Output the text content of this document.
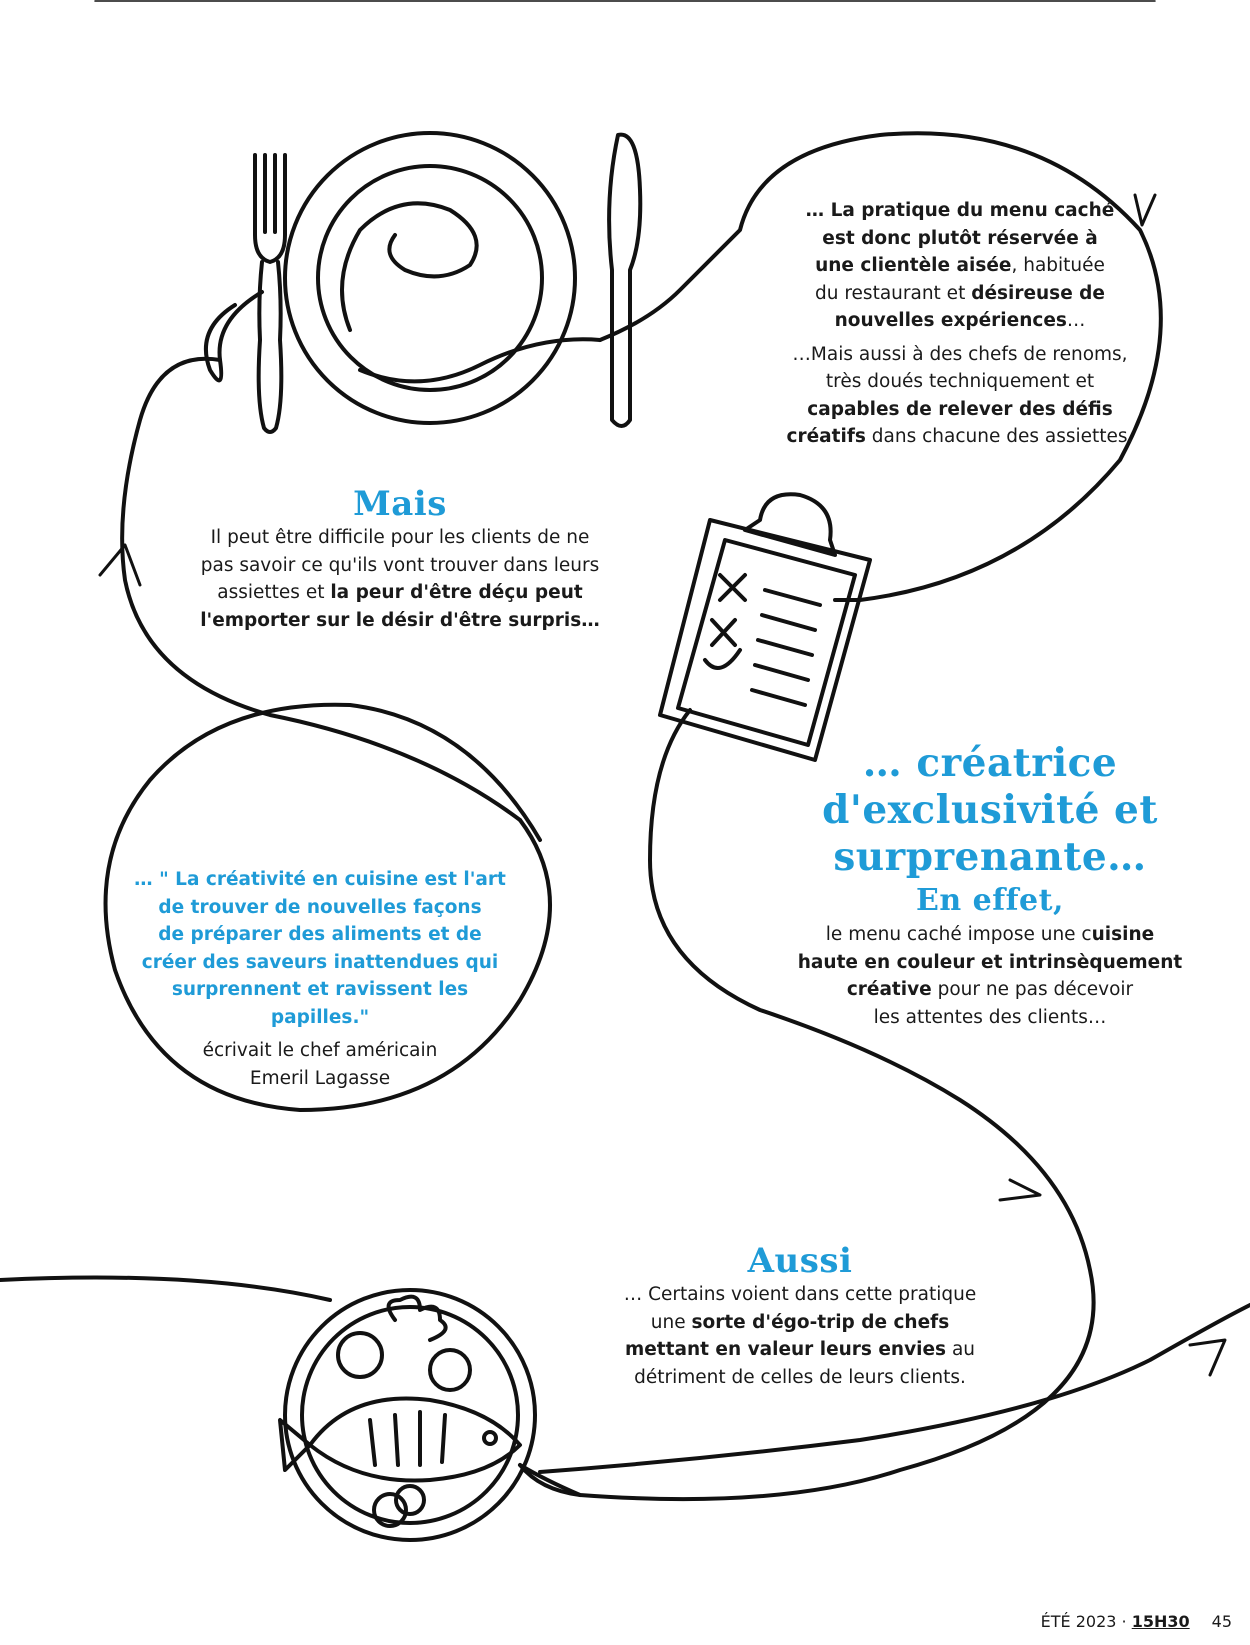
… La pratique du menu caché

est donc plutôt réservée à

une clientèle aisée, habituée

du restaurant et désireuse de

nouvelles expériences…

…Mais aussi à des chefs de renoms,

très doués techniquement et

capables de relever des défis

créatifs dans chacune des assiettes.

Mais

Il peut être difficile pour les clients de ne

pas savoir ce qu'ils vont trouver dans leurs

assiettes et la peur d'être déçu peut

l'emporter sur le désir d'être surpris…

… " La créativité en cuisine est l'art

de trouver de nouvelles façons

de préparer des aliments et de

créer des saveurs inattendues qui

surprennent et ravissent les papilles."

écrivait le chef américain

Emeril Lagasse

… créatrice

d'exclusivité et

surprenante…

En effet,

le menu caché impose une cuisine

haute en couleur et intrinsèquement

créative pour ne pas décevoir

les attentes des clients…

Aussi

… Certains voient dans cette pratique

une sorte d'égo-trip de chefs

mettant en valeur leurs envies au

détriment de celles de leurs clients.

ÉTÉ 2023 · 15H30 45
